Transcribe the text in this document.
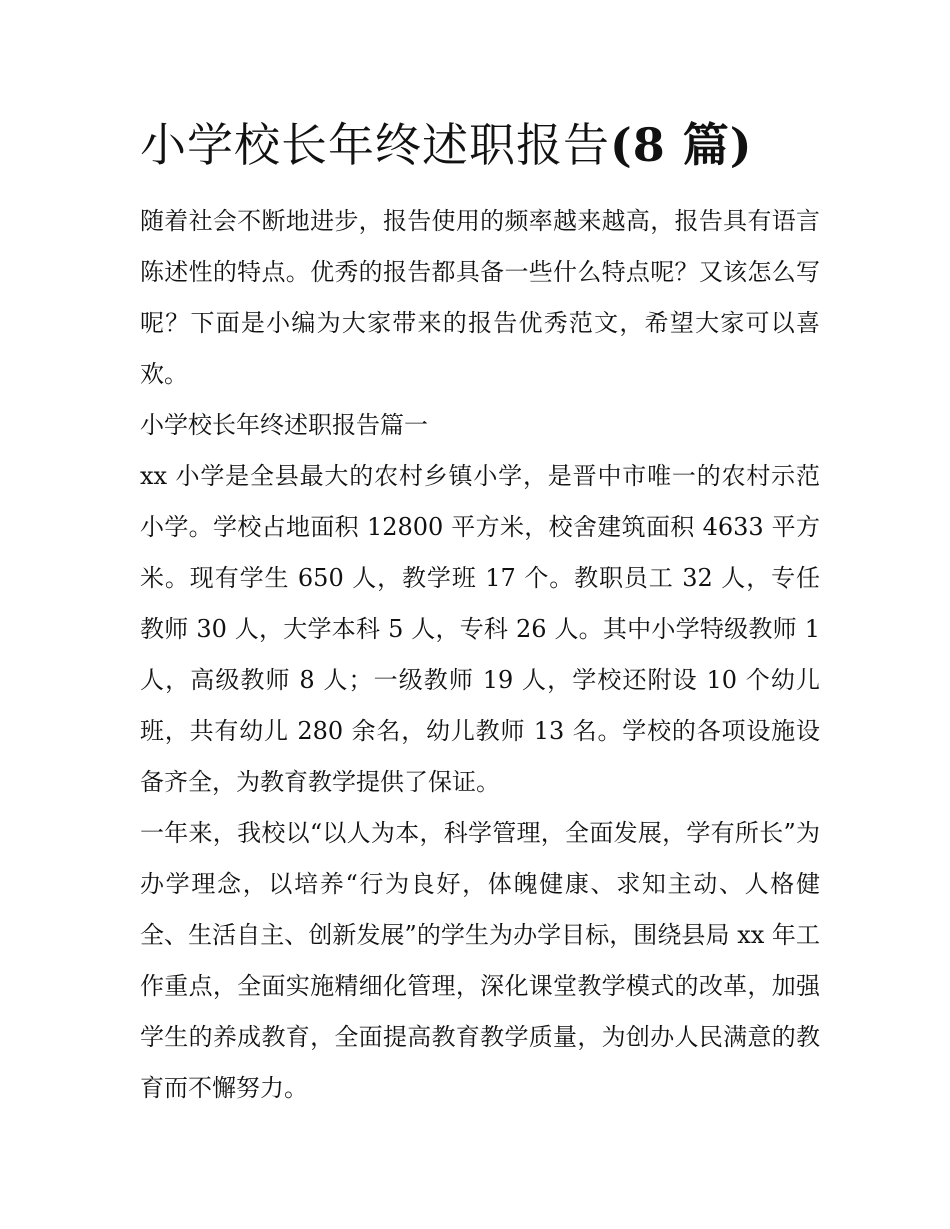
小学校长年终述职报告(8 篇)

随着社会不断地进步，报告使用的频率越来越高，报告具有语言陈述性的特点。优秀的报告都具备一些什么特点呢？又该怎么写呢？下面是小编为大家带来的报告优秀范文，希望大家可以喜欢。

小学校长年终述职报告篇一

xx 小学是全县最大的农村乡镇小学，是晋中市唯一的农村示范小学。学校占地面积 12800 平方米，校舍建筑面积 4633 平方米。现有学生 650 人，教学班 17 个。教职员工 32 人，专任教师 30 人，大学本科 5 人，专科 26 人。其中小学特级教师 1 人，高级教师 8 人；一级教师 19 人，学校还附设 10 个幼儿班，共有幼儿 280 余名，幼儿教师 13 名。学校的各项设施设备齐全，为教育教学提供了保证。

一年来，我校以“以人为本，科学管理，全面发展，学有所长”为办学理念，以培养“行为良好，体魄健康、求知主动、人格健全、生活自主、创新发展”的学生为办学目标，围绕县局 xx 年工作重点，全面实施精细化管理，深化课堂教学模式的改革，加强学生的养成教育，全面提高教育教学质量，为创办人民满意的教育而不懈努力。
